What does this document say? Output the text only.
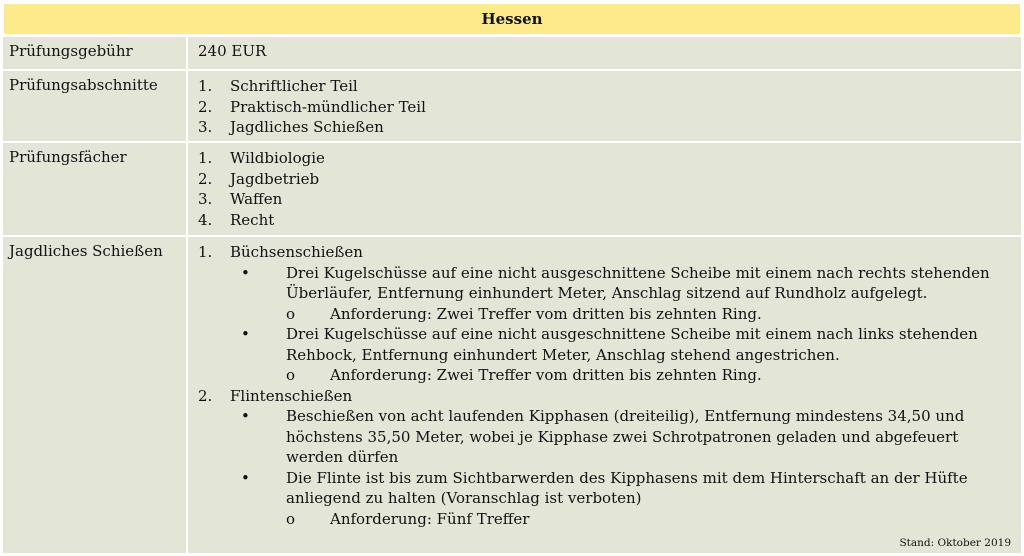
Hessen
Prüfungsgebühr	240 EUR
Prüfungsabschnitte	1.	Schriftlicher Teil
2.	Praktisch-mündlicher Teil
3.	Jagdliches Schießen
Prüfungsfächer	1.	Wildbiologie
2.	Jagdbetrieb
3.	Waffen
4.	Recht
Jagdliches Schießen	1.	Büchsenschießen
•	Drei Kugelschüsse auf eine nicht ausgeschnittene Scheibe mit einem nach rechts stehenden Überläufer, Entfernung einhundert Meter, Anschlag sitzend auf Rundholz aufgelegt.
o	Anforderung: Zwei Treffer vom dritten bis zehnten Ring.
•	Drei Kugelschüsse auf eine nicht ausgeschnittene Scheibe mit einem nach links stehenden Rehbock, Entfernung einhundert Meter, Anschlag stehend angestrichen.
o	Anforderung: Zwei Treffer vom dritten bis zehnten Ring.
2.	Flintenschießen
•	Beschießen von acht laufenden Kipphasen (dreiteilig), Entfernung mindestens 34,50 und höchstens 35,50 Meter, wobei je Kipphase zwei Schrotpatronen geladen und abgefeuert werden dürfen
•	Die Flinte ist bis zum Sichtbarwerden des Kipphasens mit dem Hinterschaft an der Hüfte anliegend zu halten (Voranschlag ist verboten)
o	Anforderung: Fünf Treffer
Stand: Oktober 2019
